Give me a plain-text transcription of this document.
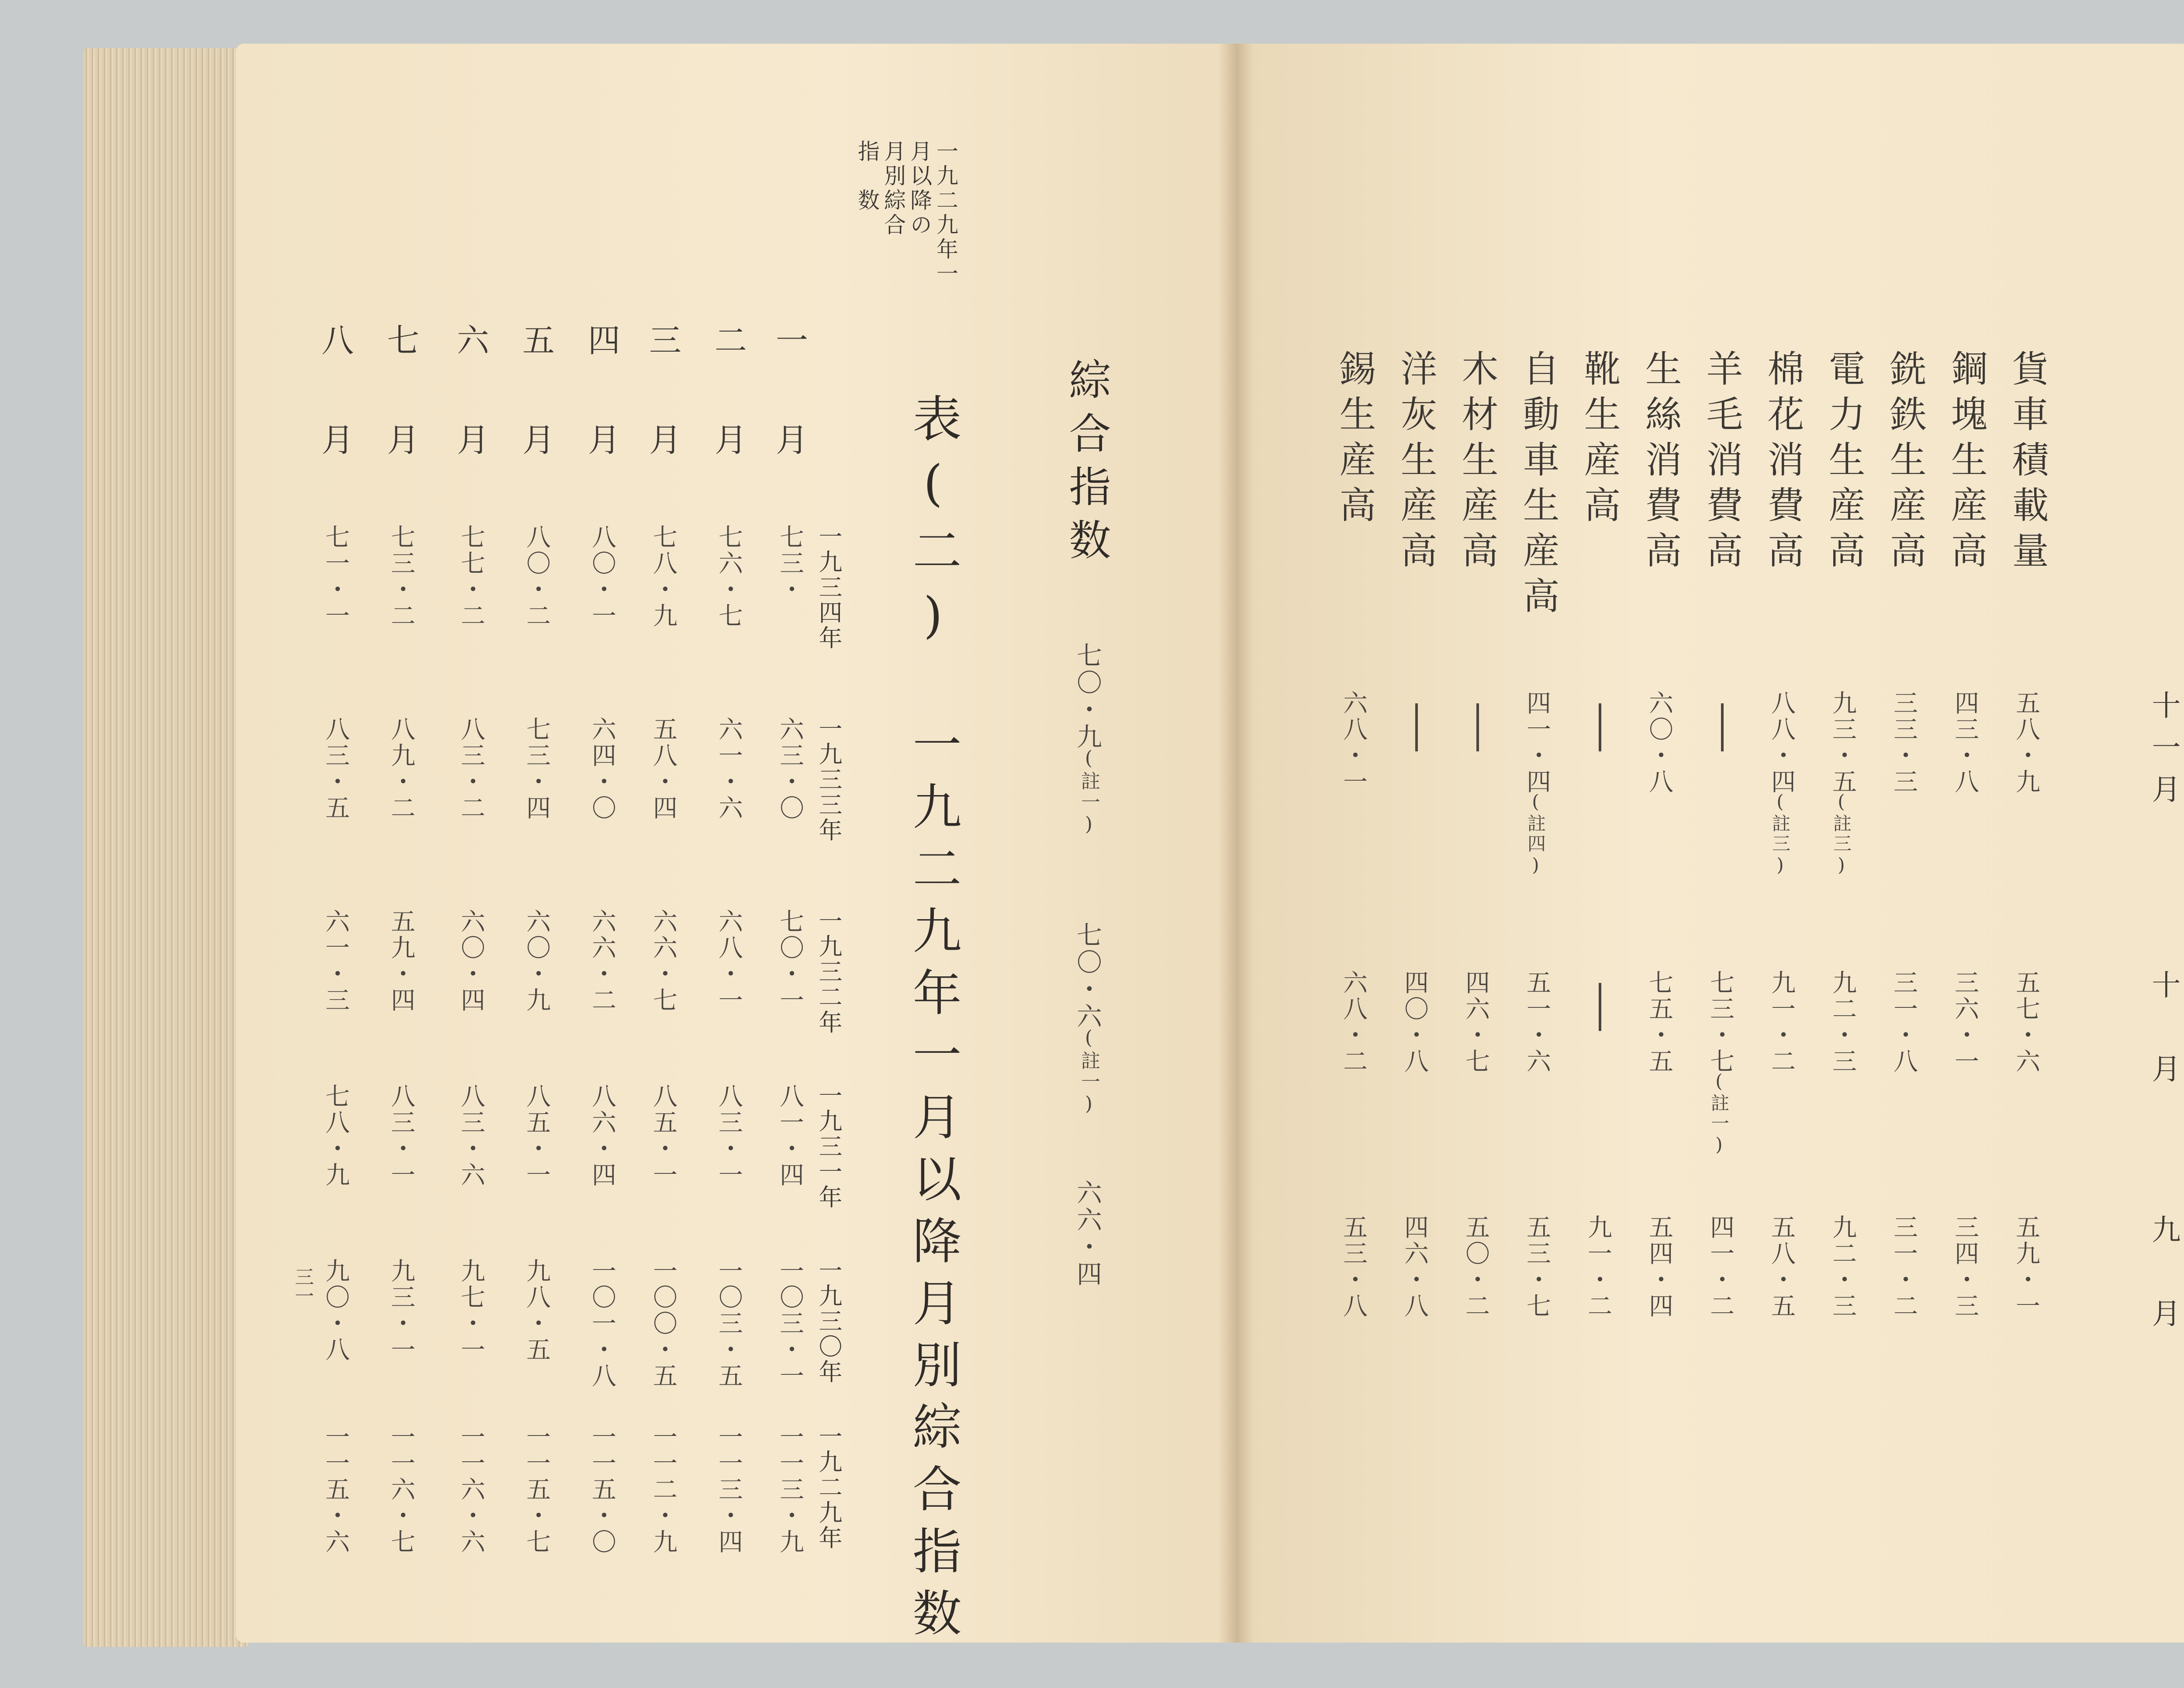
一九二九年一
月以降の
月別綜合
指　数
綜合指数
七〇・九
七〇・六
六六・四
(註一)
(註一)
表(二)　一九二九年一月以降月別綜合指数
一九三四年
一九三三年
一九三二年
一九三一年
一九三〇年
一九二九年
一　月
七三・
六三・〇
七〇・一
八一・四
一〇三・一
一一三・九
二　月
七六・七
六一・六
六八・一
八三・一
一〇三・五
一一三・四
三　月
七八・九
五八・四
六六・七
八五・一
一〇〇・五
一一二・九
四　月
八〇・一
六四・〇
六六・二
八六・四
一〇一・八
一一五・〇
五　月
八〇・二
七三・四
六〇・九
八五・一
九八・五
一一五・七
六　月
七七・二
八三・二
六〇・四
八三・六
九七・一
一一六・六
七　月
七三・二
八九・二
五九・四
八三・一
九三・一
一一六・七
八　月
七一・一
八三・五
六一・三
七八・九
九〇・八
一一五・六
三一
十一月
十　月
九　月
貨車積載量
五八・九
五七・六
五九・一
鋼塊生産高
四三・八
三六・一
三四・三
銑鉄生産高
三三・三
三一・八
三一・二
電力生産高
九三・五
(註三)
九二・三
九二・三
棉花消費高
八八・四
(註三)
九一・二
五八・五
羊毛消費高
七三・七
(註一)
四一・二
生絲消費高
六〇・八
七五・五
五四・四
靴生産高
九一・二
自動車生産高
四一・四
(註四)
五一・六
五三・七
木材生産高
四六・七
五〇・二
洋灰生産高
四〇・八
四六・八
錫生産高
六八・一
六八・二
五三・八
